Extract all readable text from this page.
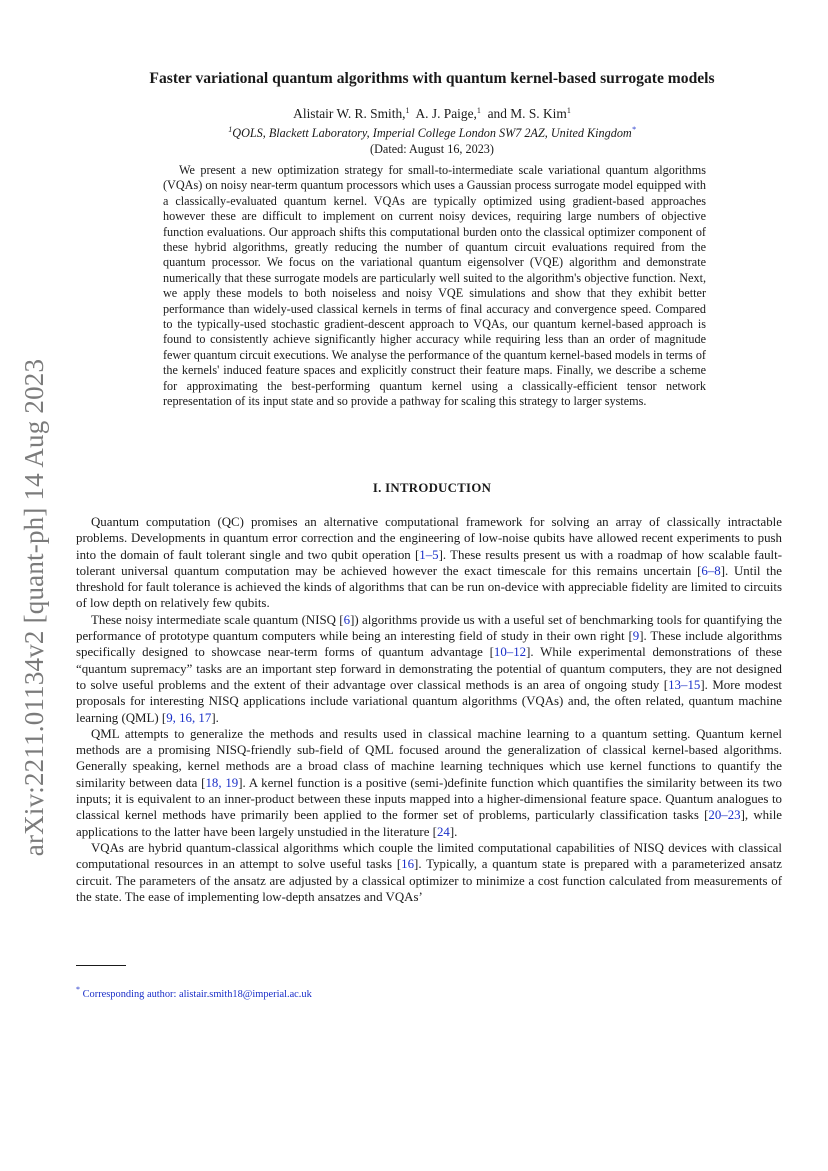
arXiv:2211.01134v2 [quant-ph] 14 Aug 2023
Faster variational quantum algorithms with quantum kernel-based surrogate models
Alistair W. R. Smith,$^1$ A. J. Paige,$^1$ and M. S. Kim$^1$
$^1$QOLS, Blackett Laboratory, Imperial College London SW7 2AZ, United Kingdom*
(Dated: August 16, 2023)
We present a new optimization strategy for small-to-intermediate scale variational quantum algorithms (VQAs) on noisy near-term quantum processors which uses a Gaussian process surrogate model equipped with a classically-evaluated quantum kernel. VQAs are typically optimized using gradient-based approaches however these are difficult to implement on current noisy devices, requiring large numbers of objective function evaluations. Our approach shifts this computational burden onto the classical optimizer component of these hybrid algorithms, greatly reducing the number of quantum circuit evaluations required from the quantum processor. We focus on the variational quantum eigensolver (VQE) algorithm and demonstrate numerically that these surrogate models are particularly well suited to the algorithm's objective function. Next, we apply these models to both noiseless and noisy VQE simulations and show that they exhibit better performance than widely-used classical kernels in terms of final accuracy and convergence speed. Compared to the typically-used stochastic gradient-descent approach to VQAs, our quantum kernel-based approach is found to consistently achieve significantly higher accuracy while requiring less than an order of magnitude fewer quantum circuit executions. We analyse the performance of the quantum kernel-based models in terms of the kernels' induced feature spaces and explicitly construct their feature maps. Finally, we describe a scheme for approximating the best-performing quantum kernel using a classically-efficient tensor network representation of its input state and so provide a pathway for scaling this strategy to larger systems.
I. INTRODUCTION

Quantum computation (QC) promises an alternative computational framework for solving an array of classically intractable problems. Developments in quantum error correction and the engineering of low-noise qubits have allowed recent experiments to push into the domain of fault tolerant single and two qubit operation [1–5]. These results present us with a roadmap of how scalable fault-tolerant universal quantum computation may be achieved however the exact timescale for this remains uncertain [6–8]. Until the threshold for fault tolerance is achieved the kinds of algorithms that can be run on-device with appreciable fidelity are limited to circuits of low depth on relatively few qubits.

These noisy intermediate scale quantum (NISQ [6]) algorithms provide us with a useful set of benchmarking tools for quantifying the performance of prototype quantum computers while being an interesting field of study in their own right [9]. These include algorithms specifically designed to showcase near-term forms of quantum advantage [10–12]. While experimental demonstrations of these “quantum supremacy” tasks are an important step forward in demonstrating the potential of quantum computers, they are not designed to solve useful problems and the extent of their advantage over classical methods is an area of ongoing study [13–15]. More modest proposals for interesting NISQ applications include variational quantum algorithms (VQAs) and, the often related, quantum machine learning (QML) [9, 16, 17].

QML attempts to generalize the methods and results used in classical machine learning to a quantum setting. Quantum kernel methods are a promising NISQ-friendly sub-field of QML focused around the generalization of classical kernel-based algorithms. Generally speaking, kernel methods are a broad class of machine learning techniques which use kernel functions to quantify the similarity between data [18, 19]. A kernel function is a positive (semi-)definite function which quantifies the similarity between its two inputs; it is equivalent to an inner-product between these inputs mapped into a higher-dimensional feature space. Quantum analogues to classical kernel methods have primarily been applied to the former set of problems, particularly classification tasks [20–23], while applications to the latter have been largely unstudied in the literature [24].

VQAs are hybrid quantum-classical algorithms which couple the limited computational capabilities of NISQ devices with classical computational resources in an attempt to solve useful tasks [16]. Typically, a quantum state is prepared with a parameterized ansatz circuit. The parameters of the ansatz are adjusted by a classical optimizer to minimize a cost function calculated from measurements of the state. The ease of implementing low-depth ansatzes and VQAs’

* Corresponding author: alistair.smith18@imperial.ac.uk
